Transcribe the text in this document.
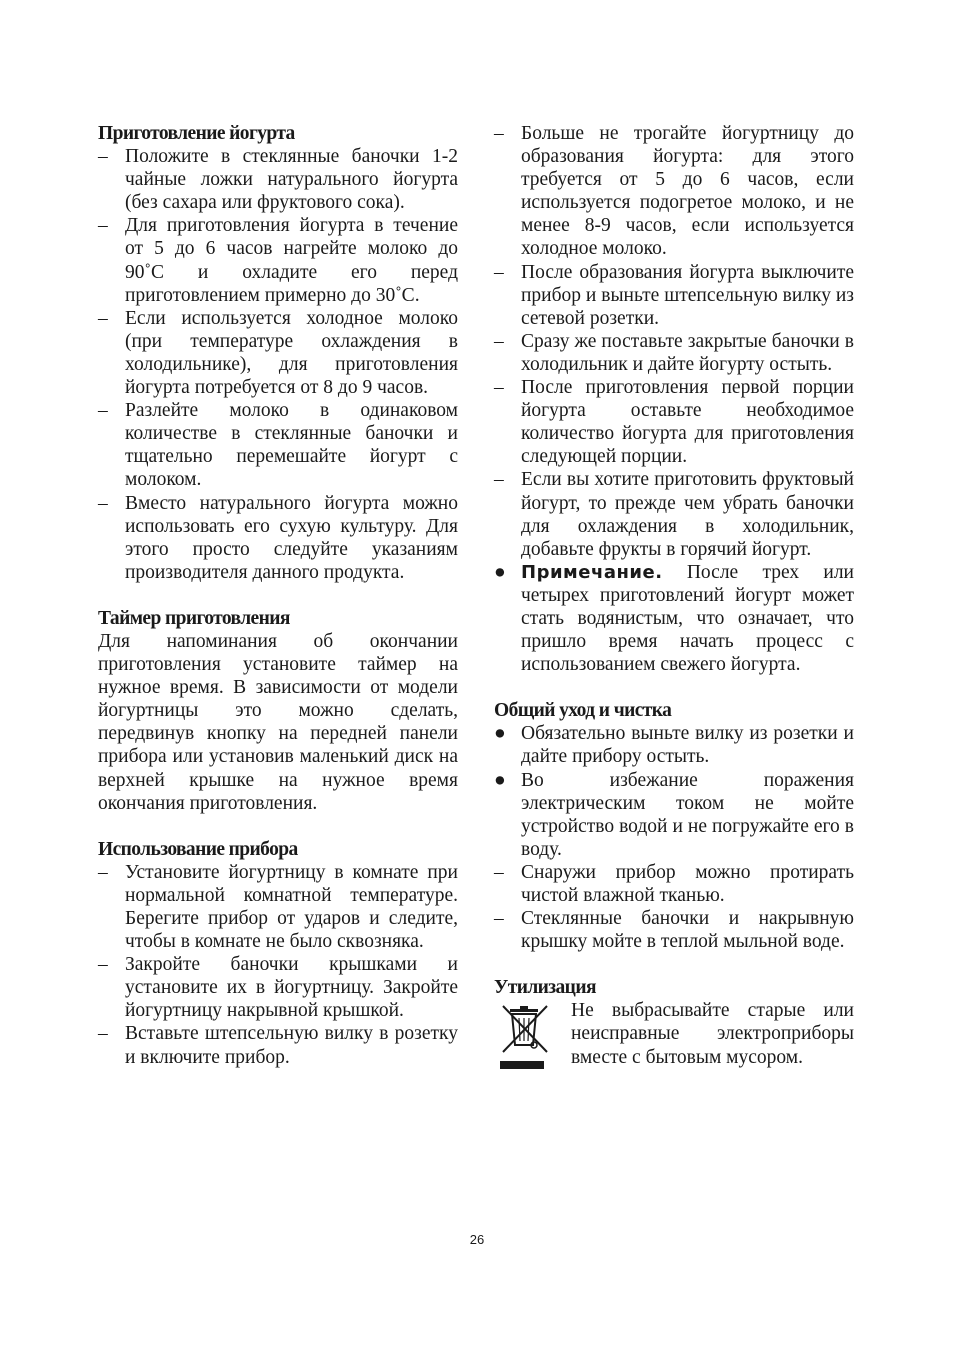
Приготовление йогурта
– Положите в стеклянные баночки 1-2 чайные ложки натурального йогурта (без сахара или фруктового сока).
– Для приготовления йогурта в течение от 5 до 6 часов нагрейте молоко до 90˚С и охладите его перед приготовлением примерно до 30˚С.
– Если используется холодное молоко (при температуре охлаждения в холодильнике), для приготовления йогурта потребуется от 8 до 9 часов.
– Разлейте молоко в одинаковом количестве в стеклянные баночки и тщательно перемешайте йогурт с молоком.
– Вместо натурального йогурта можно использовать его сухую культуру. Для этого просто следуйте указаниям производителя данного продукта.
Таймер приготовления

Для напоминания об окончании приготовления установите таймер на нужное время. В зависимости от модели йогуртницы это можно сделать, передвинув кнопку на передней панели прибора или установив маленький диск на верхней крышке на нужное время окончания приготовления.

Использование прибора
– Установите йогуртницу в комнате при нормальной комнатной температуре. Берегите прибор от ударов и следите, чтобы в комнате не было сквозняка.
– Закройте баночки крышками и установите их в йогуртницу. Закройте йогуртницу накрывной крышкой.
– Вставьте штепсельную вилку в розетку и включите прибор.
– Больше не трогайте йогуртницу до образования йогурта: для этого требуется от 5 до 6 часов, если используется подогретое молоко, и не менее 8-9 часов, если используется холодное молоко.
– После образования йогурта выключите прибор и выньте штепсельную вилку из сетевой розетки.
– Сразу же поставьте закрытые баночки в холодильник и дайте йогурту остыть.
– После приготовления первой порции йогурта оставьте необходимое количество йогурта для приготовления следующей порции.
– Если вы хотите приготовить фруктовый йогурт, то прежде чем убрать баночки для охлаждения в холодильник, добавьте фрукты в горячий йогурт.
● Примечание. После трех или четырех приготовлений йогурт может стать водянистым, что означает, что пришло время начать процесс с использованием свежего йогурта.
Общий уход и чистка
● Обязательно выньте вилку из розетки и дайте прибору остыть.
● Во избежание поражения электрическим током не мойте устройство водой и не погружайте его в воду.
– Снаружи прибор можно протирать чистой влажной тканью.
– Стеклянные баночки и накрывную крышку мойте в теплой мыльной воде.
Утилизация

Не выбрасывайте старые или неисправные электроприборы вместе с бытовым мусором.

26
